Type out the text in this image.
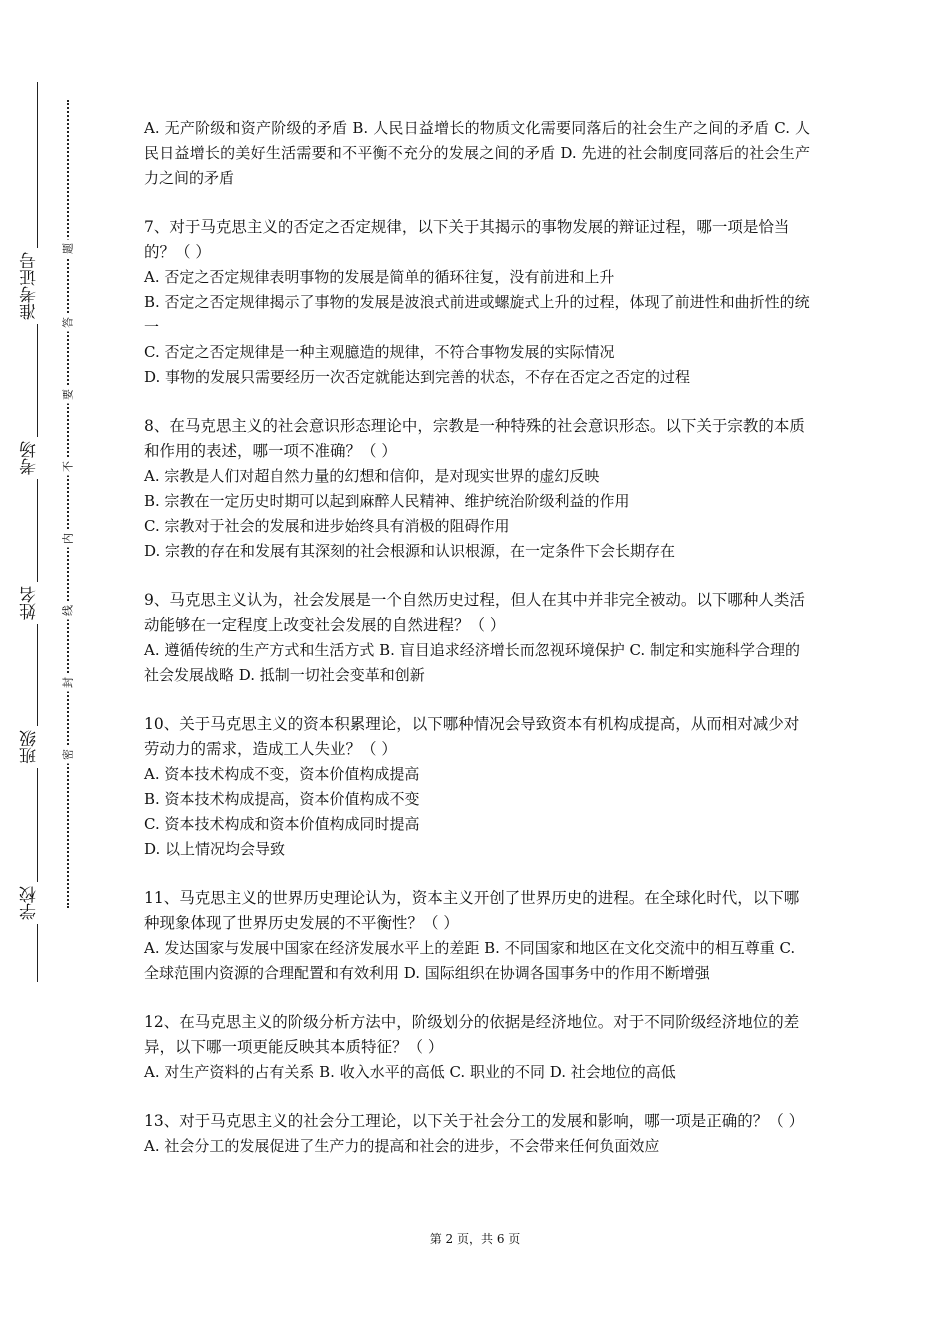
准考证号
考场
姓名
班级
学校
题
答
要
不
内
线
封
密

A. 无产阶级和资产阶级的矛盾 B. 人民日益增长的物质文化需要同落后的社会生产之间的矛盾 C. 人民日益增长的美好生活需要和不平衡不充分的发展之间的矛盾 D. 先进的社会制度同落后的社会生产力之间的矛盾

7、对于马克思主义的否定之否定规律，以下关于其揭示的事物发展的辩证过程，哪一项是恰当的？（ ）

A. 否定之否定规律表明事物的发展是简单的循环往复，没有前进和上升

B. 否定之否定规律揭示了事物的发展是波浪式前进或螺旋式上升的过程，体现了前进性和曲折性的统一

C. 否定之否定规律是一种主观臆造的规律，不符合事物发展的实际情况

D. 事物的发展只需要经历一次否定就能达到完善的状态，不存在否定之否定的过程

8、在马克思主义的社会意识形态理论中，宗教是一种特殊的社会意识形态。以下关于宗教的本质和作用的表述，哪一项不准确？（ ）

A. 宗教是人们对超自然力量的幻想和信仰，是对现实世界的虚幻反映

B. 宗教在一定历史时期可以起到麻醉人民精神、维护统治阶级利益的作用

C. 宗教对于社会的发展和进步始终具有消极的阻碍作用

D. 宗教的存在和发展有其深刻的社会根源和认识根源，在一定条件下会长期存在

9、马克思主义认为，社会发展是一个自然历史过程，但人在其中并非完全被动。以下哪种人类活动能够在一定程度上改变社会发展的自然进程？（ ）

A. 遵循传统的生产方式和生活方式 B. 盲目追求经济增长而忽视环境保护 C. 制定和实施科学合理的社会发展战略 D. 抵制一切社会变革和创新

10、关于马克思主义的资本积累理论，以下哪种情况会导致资本有机构成提高，从而相对减少对劳动力的需求，造成工人失业？（ ）

A. 资本技术构成不变，资本价值构成提高

B. 资本技术构成提高，资本价值构成不变

C. 资本技术构成和资本价值构成同时提高

D. 以上情况均会导致

11、马克思主义的世界历史理论认为，资本主义开创了世界历史的进程。在全球化时代，以下哪种现象体现了世界历史发展的不平衡性？（ ）

A. 发达国家与发展中国家在经济发展水平上的差距 B. 不同国家和地区在文化交流中的相互尊重 C. 全球范围内资源的合理配置和有效利用 D. 国际组织在协调各国事务中的作用不断增强

12、在马克思主义的阶级分析方法中，阶级划分的依据是经济地位。对于不同阶级经济地位的差异，以下哪一项更能反映其本质特征？（ ）

A. 对生产资料的占有关系 B. 收入水平的高低 C. 职业的不同 D. 社会地位的高低

13、对于马克思主义的社会分工理论，以下关于社会分工的发展和影响，哪一项是正确的？（ ）

A. 社会分工的发展促进了生产力的提高和社会的进步，不会带来任何负面效应

第 2 页，共 6 页
